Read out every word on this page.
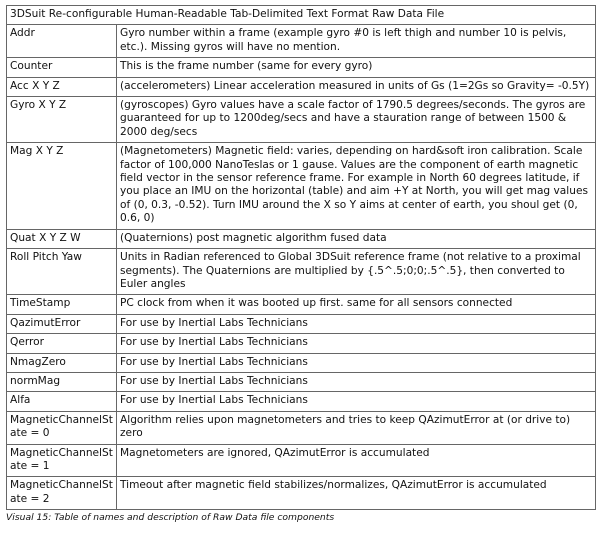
3DSuit Re-configurable Human-Readable Tab-Delimited Text Format Raw Data File	
Addr	Gyro number within a frame (example gyro #0 is left thigh and number 10 is pelvis, etc.). Missing gyros will have no mention.
Counter	This is the frame number (same for every gyro)
Acc X Y Z	(accelerometers) Linear acceleration measured in units of Gs (1=2Gs so Gravity= -0.5Y)
Gyro X Y Z	(gyroscopes) Gyro values have a scale factor of 1790.5 degrees/seconds. The gyros are guaranteed for up to 1200deg/secs and have a stauration range of between 1500 & 2000 deg/secs
Mag X Y Z	(Magnetometers) Magnetic field: varies, depending on hard&soft iron calibration. Scale factor of 100,000 NanoTeslas or 1 gause. Values are the component of earth magnetic field vector in the sensor reference frame. For example in North 60 degrees latitude, if you place an IMU on the horizontal (table) and aim +Y at North, you will get mag values of (0, 0.3, -0.52). Turn IMU around the X so Y aims at center of earth, you shoul get (0, 0.6, 0)
Quat X Y Z W	(Quaternions) post magnetic algorithm fused data
Roll Pitch Yaw	Units in Radian referenced to Global 3DSuit reference frame (not relative to a proximal segments). The Quaternions are multiplied by {.5^.5;0;0;.5^.5}, then converted to Euler angles
TimeStamp	PC clock from when it was booted up first. same for all sensors connected
QazimutError	For use by Inertial Labs Technicians
Qerror	For use by Inertial Labs Technicians
NmagZero	For use by Inertial Labs Technicians
normMag	For use by Inertial Labs Technicians
Alfa	For use by Inertial Labs Technicians
MagneticChannelState = 0	Algorithm relies upon magnetometers and tries to keep QAzimutError at (or drive to) zero
MagneticChannelState = 1	Magnetometers are ignored, QAzimutError is accumulated
MagneticChannelState = 2	Timeout after magnetic field stabilizes/normalizes, QAzimutError is accumulated
Visual 15: Table of names and description of Raw Data file components
